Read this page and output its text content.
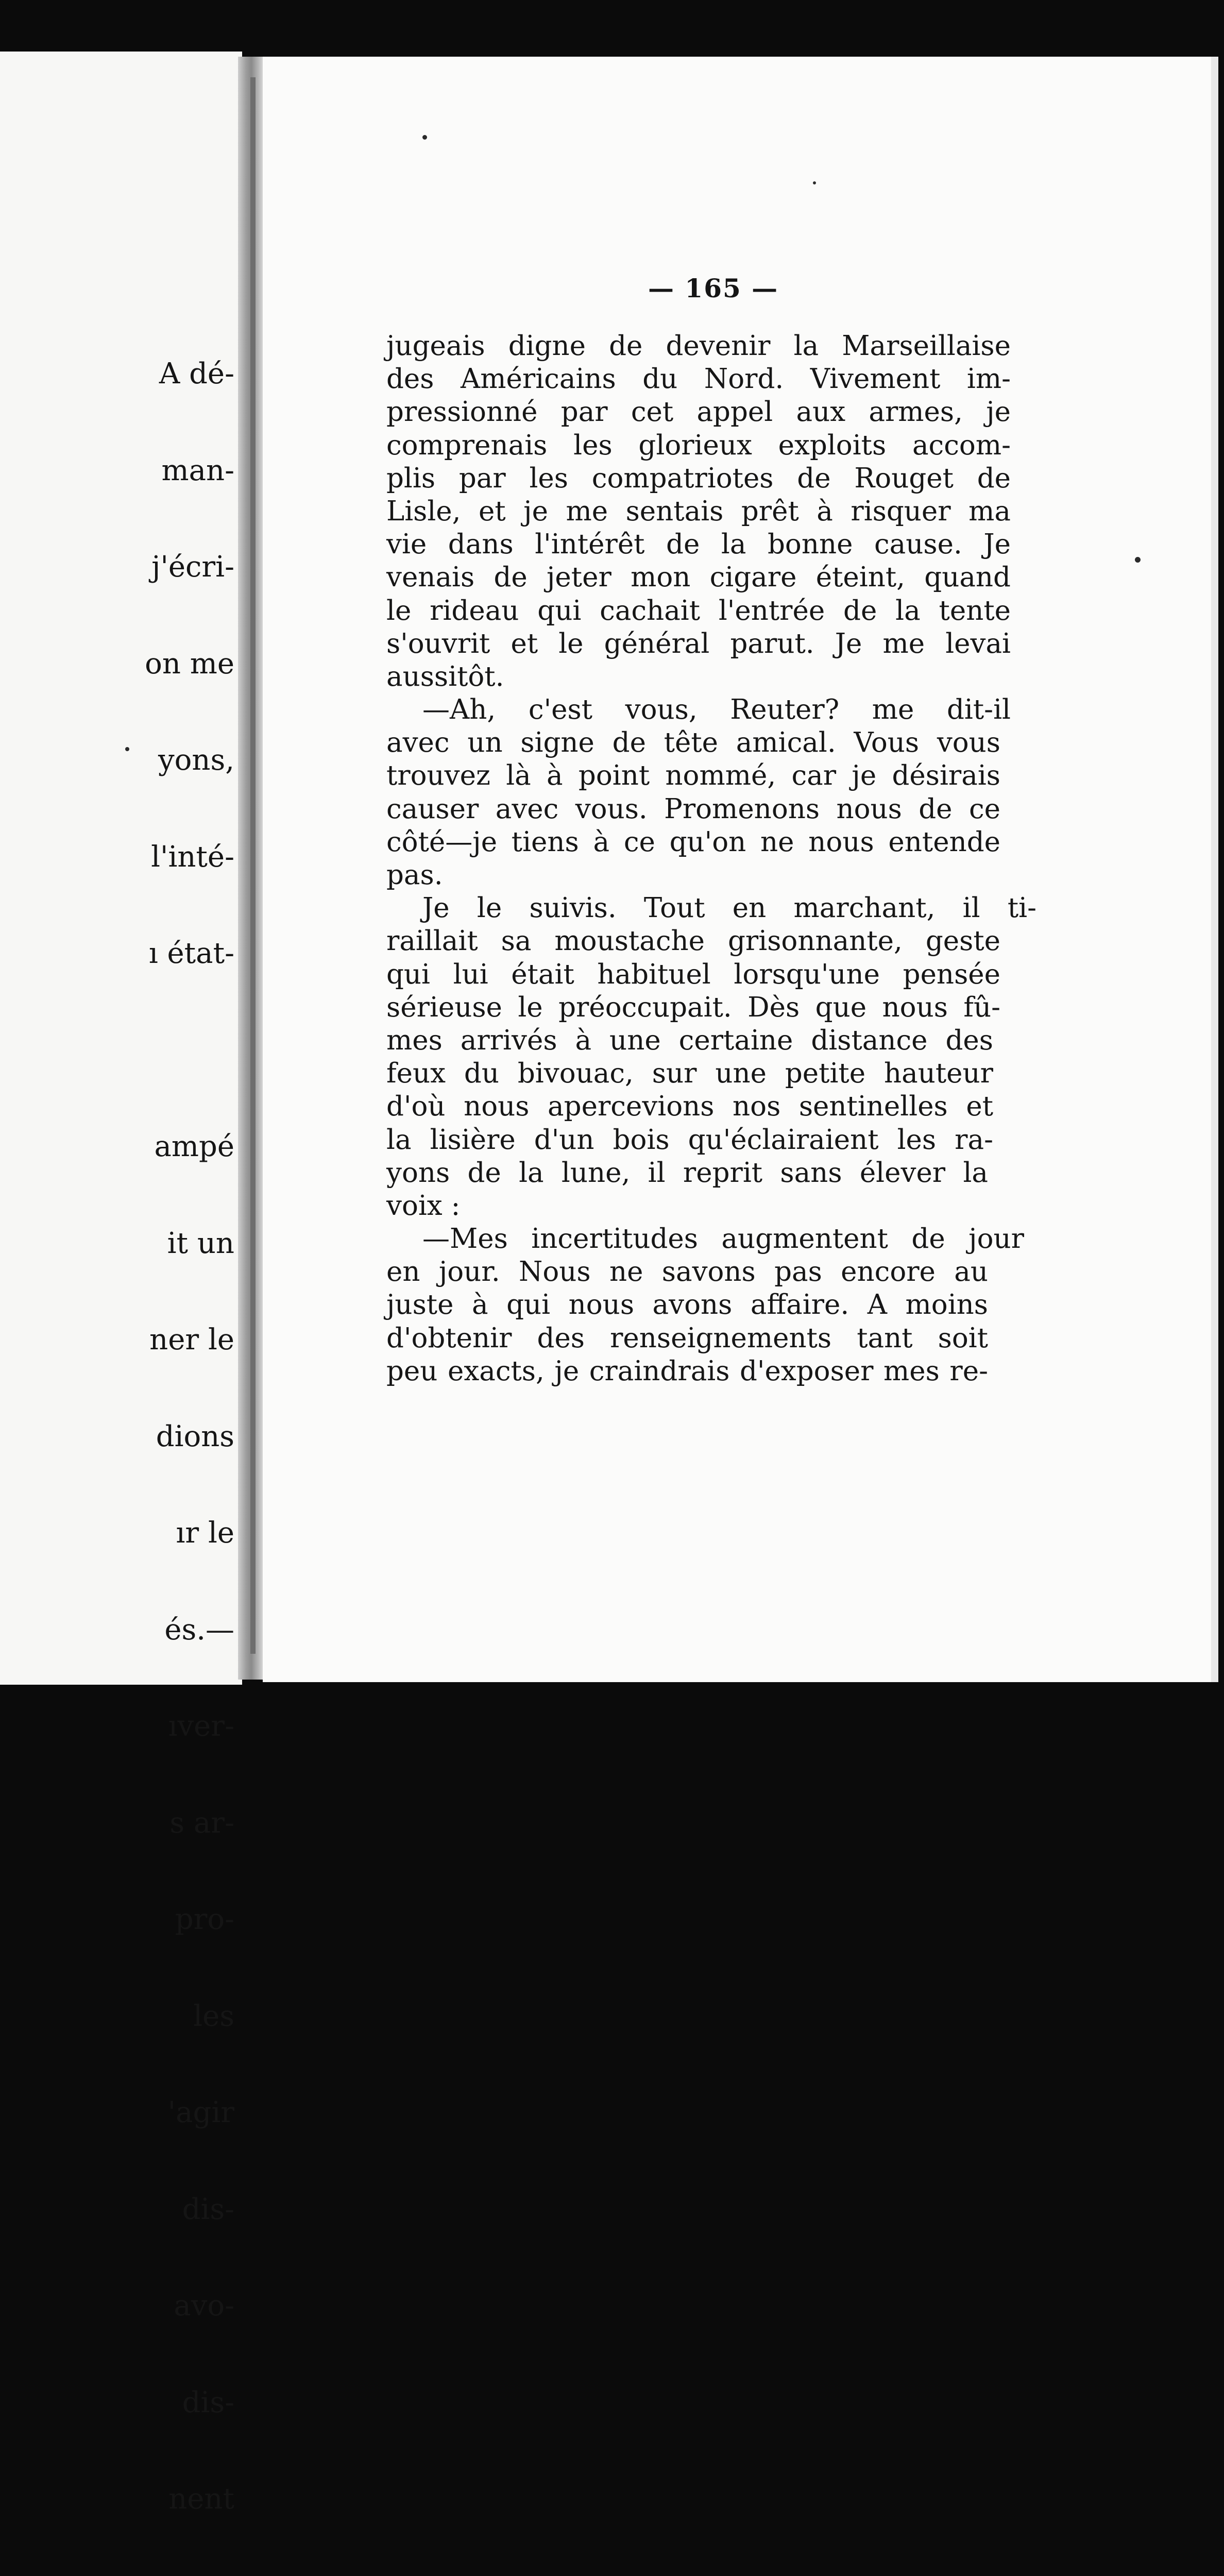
A dé-

man-

j'écri-

on me

yons,

l'inté-

ı état-

ampé

it un

ner le

dions

ır le

és.—

ıver-

s ar-

pro-

les

'agir

dis-

avo-

dis-

nent

— 165 —
jugeais digne de devenir la Marseillaise
des Américains du Nord. Vivement im-
pressionné par cet appel aux armes, je
comprenais les glorieux exploits accom-
plis par les compatriotes de Rouget de
Lisle, et je me sentais prêt à risquer ma
vie dans l'intérêt de la bonne cause. Je
venais de jeter mon cigare éteint, quand
le rideau qui cachait l'entrée de la tente
s'ouvrit et le général parut. Je me levai
aussitôt.
—Ah, c'est vous, Reuter? me dit-il
avec un signe de tête amical. Vous vous
trouvez là à point nommé, car je désirais
causer avec vous. Promenons nous de ce
côté—je tiens à ce qu'on ne nous entende
pas.
Je le suivis. Tout en marchant, il ti-
raillait sa moustache grisonnante, geste
qui lui était habituel lorsqu'une pensée
sérieuse le préoccupait. Dès que nous fû-
mes arrivés à une certaine distance des
feux du bivouac, sur une petite hauteur
d'où nous apercevions nos sentinelles et
la lisière d'un bois qu'éclairaient les ra-
yons de la lune, il reprit sans élever la
voix :
—Mes incertitudes augmentent de jour
en jour. Nous ne savons pas encore au
juste à qui nous avons affaire. A moins
d'obtenir des renseignements tant soit
peu exacts, je craindrais d'exposer mes re-
